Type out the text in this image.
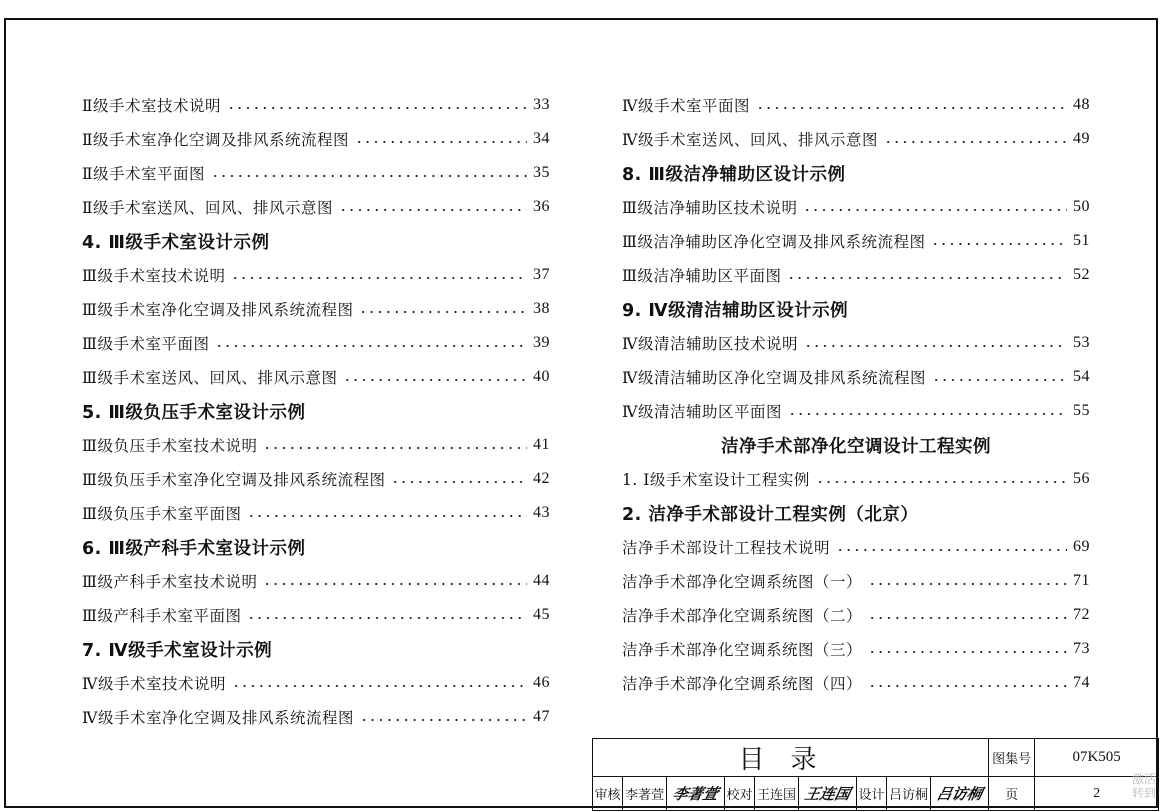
Ⅱ级手术室技术说明	33
Ⅱ级手术室净化空调及排风系统流程图	34
Ⅱ级手术室平面图	35
Ⅱ级手术室送风、回风、排风示意图	36
4. Ⅲ级手术室设计示例
Ⅲ级手术室技术说明	37
Ⅲ级手术室净化空调及排风系统流程图	38
Ⅲ级手术室平面图	39
Ⅲ级手术室送风、回风、排风示意图	40
5. Ⅲ级负压手术室设计示例
Ⅲ级负压手术室技术说明	41
Ⅲ级负压手术室净化空调及排风系统流程图	42
Ⅲ级负压手术室平面图	43
6. Ⅲ级产科手术室设计示例
Ⅲ级产科手术室技术说明	44
Ⅲ级产科手术室平面图	45
7. Ⅳ级手术室设计示例
Ⅳ级手术室技术说明	46
Ⅳ级手术室净化空调及排风系统流程图	47
Ⅳ级手术室平面图	48
Ⅳ级手术室送风、回风、排风示意图	49
8. Ⅲ级洁净辅助区设计示例
Ⅲ级洁净辅助区技术说明	50
Ⅲ级洁净辅助区净化空调及排风系统流程图	51
Ⅲ级洁净辅助区平面图	52
9. Ⅳ级清洁辅助区设计示例
Ⅳ级清洁辅助区技术说明	53
Ⅳ级清洁辅助区净化空调及排风系统流程图	54
Ⅳ级清洁辅助区平面图	55
洁净手术部净化空调设计工程实例
1. Ⅰ级手术室设计工程实例	56
2. 洁净手术部设计工程实例（北京）
洁净手术部设计工程技术说明	69
洁净手术部净化空调系统图（一）	71
洁净手术部净化空调系统图（二）	72
洁净手术部净化空调系统图（三）	73
洁净手术部净化空调系统图（四）	74
目录									图集号	07K505
审核	李著萱	李著萱	校对	王连国	王连国	设计	吕访桐	吕访桐	页	2
激活
转到
